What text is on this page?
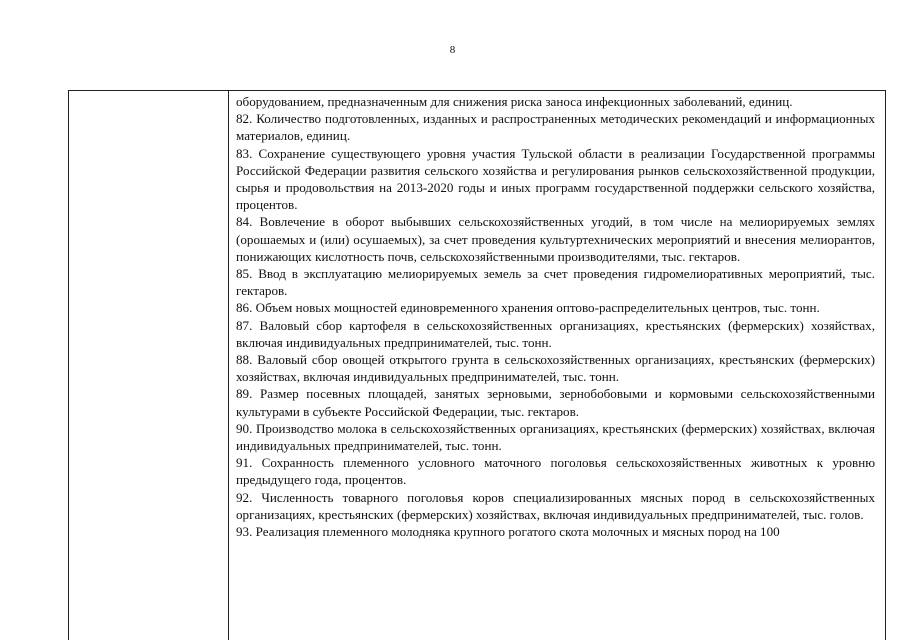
8

оборудованием, предназначенным для снижения риска заноса инфекционных заболеваний, единиц.

82. Количество подготовленных, изданных и распространенных методических рекомендаций и информационных материалов, единиц.

83. Сохранение существующего уровня участия Тульской области в реализации Государственной программы Российской Федерации развития сельского хозяйства и регулирования рынков сельскохозяйственной продукции, сырья и продовольствия на 2013-2020 годы и иных программ государственной поддержки сельского хозяйства, процентов.

84. Вовлечение в оборот выбывших сельскохозяйственных угодий, в том числе на мелиорируемых землях (орошаемых и (или) осушаемых), за счет проведения культуртехнических мероприятий и внесения мелиорантов, понижающих кислотность почв, сельскохозяйственными производителями, тыс. гектаров.

85. Ввод в эксплуатацию мелиорируемых земель за счет проведения гидромелиоративных мероприятий, тыс. гектаров.

86. Объем новых мощностей единовременного хранения оптово-распределительных центров, тыс. тонн.

87. Валовый сбор картофеля в сельскохозяйственных организациях, крестьянских (фермерских) хозяйствах, включая индивидуальных предпринимателей, тыс. тонн.

88. Валовый сбор овощей открытого грунта в сельскохозяйственных организациях, крестьянских (фермерских) хозяйствах, включая индивидуальных предпринимателей, тыс. тонн.

89. Размер посевных площадей, занятых зерновыми, зернобобовыми и кормовыми сельскохозяйственными культурами в субъекте Российской Федерации, тыс. гектаров.

90. Производство молока в сельскохозяйственных организациях, крестьянских (фермерских) хозяйствах, включая индивидуальных предпринимателей, тыс. тонн.

91. Сохранность племенного условного маточного поголовья сельскохозяйственных животных к уровню предыдущего года, процентов.

92. Численность товарного поголовья коров специализированных мясных пород в сельскохозяйственных организациях, крестьянских (фермерских) хозяйствах, включая индивидуальных предпринимателей, тыс. голов.

93. Реализация племенного молодняка крупного рогатого скота молочных и мясных пород на 100
